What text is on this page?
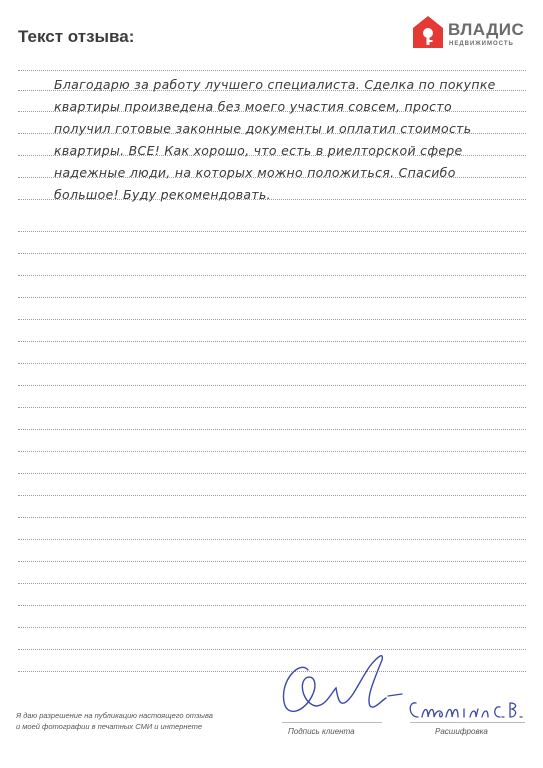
Текст отзыва:	ВЛАДИС
НЕДВИЖИМОСТЬ
Благодарю за работу лучшего специалиста. Сделка по покупке
квартиры произведена без моего участия совсем, просто
получил готовые законные документы и оплатил стоимость
квартиры. ВСЕ! Как хорошо, что есть в риелторской сфере
надежные люди, на которых можно положиться. Спасибо
большое! Буду рекомендовать.
Я даю разрешение на публикацию настоящего отзыва
и моей фотографии в печатных СМИ и интернете
Подпись клиента	Расшифровка
